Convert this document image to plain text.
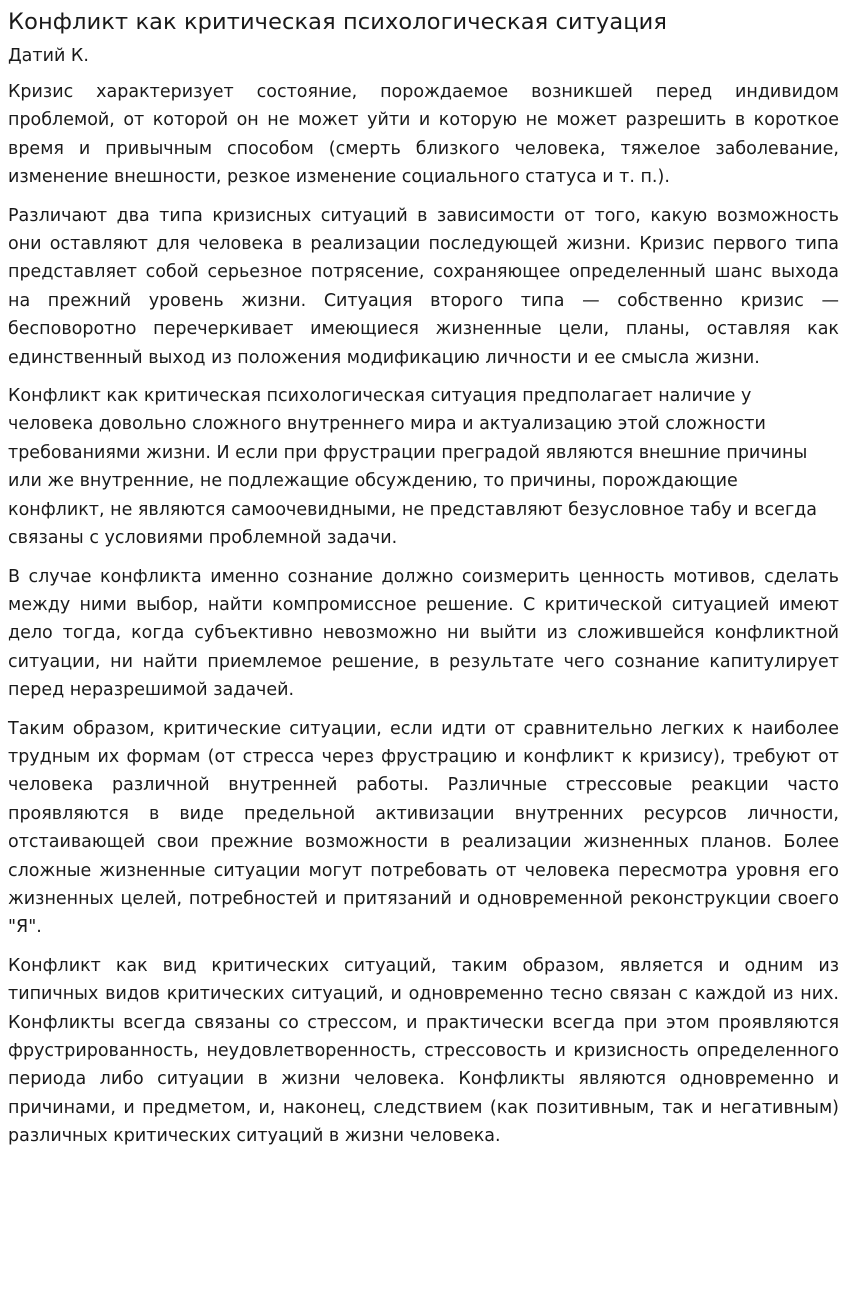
Конфликт как критическая психологическая ситуация
Датий К.

Кризис характеризует состояние, порождаемое возникшей перед индивидом проблемой, от которой он не может уйти и которую не может разрешить в короткое время и привычным способом (смерть близкого человека, тяжелое заболевание, изменение внешности, резкое изменение социального статуса и т. п.).

Различают два типа кризисных ситуаций в зависимости от того, какую возможность они оставляют для человека в реализации последующей жизни. Кризис первого типа представляет собой серьезное потрясение, сохраняющее определенный шанс выхода на прежний уровень жизни. Ситуация второго типа — собственно кризис — бесповоротно перечеркивает имеющиеся жизненные цели, планы, оставляя как единственный выход из положения модификацию личности и ее смысла жизни.

Конфликт как критическая психологическая ситуация предполагает наличие у человека довольно сложного внутреннего мира и актуализацию этой сложности требованиями жизни. И если при фрустрации преградой являются внешние причины или же внутренние, не подлежащие обсуждению, то причины, порождающие конфликт, не являются самоочевидными, не представляют безусловное табу и всегда связаны с условиями проблемной задачи.

В случае конфликта именно сознание должно соизмерить ценность мотивов, сделать между ними выбор, найти компромиссное решение. С критической ситуацией имеют дело тогда, когда субъективно невозможно ни выйти из сложившейся конфликтной ситуации, ни найти приемлемое решение, в результате чего сознание капитулирует перед неразрешимой задачей.

Таким образом, критические ситуации, если идти от сравнительно легких к наиболее трудным их формам (от стресса через фрустрацию и конфликт к кризису), требуют от человека различной внутренней работы. Различные стрессовые реакции часто проявляются в виде предельной активизации внутренних ресурсов личности, отстаивающей свои прежние возможности в реализации жизненных планов. Более сложные жизненные ситуации могут потребовать от человека пересмотра уровня его жизненных целей, потребностей и притязаний и одновременной реконструкции своего "Я".

Конфликт как вид критических ситуаций, таким образом, является и одним из типичных видов критических ситуаций, и одновременно тесно связан с каждой из них. Конфликты всегда связаны со стрессом, и практически всегда при этом проявляются фрустрированность, неудовлетворенность, стрессовость и кризисность определенного периода либо ситуации в жизни человека. Конфликты являются одновременно и причинами, и предметом, и, наконец, следствием (как позитивным, так и негативным) различных критических ситуаций в жизни человека.
